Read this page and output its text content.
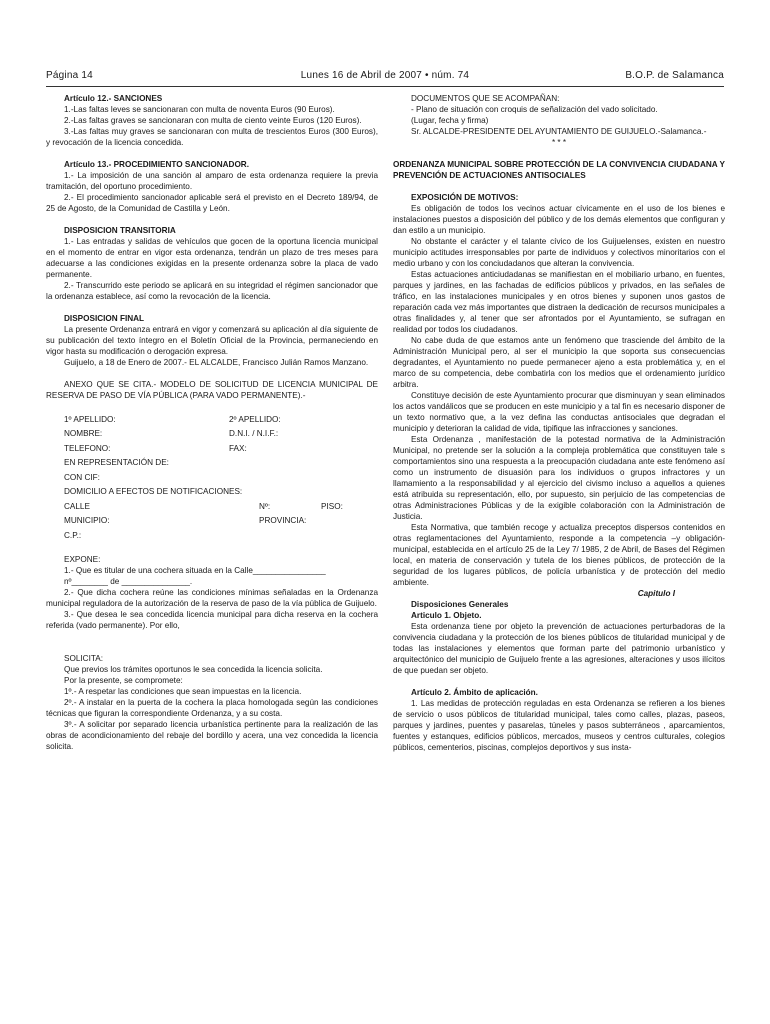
Página 14	Lunes 16 de Abril de 2007 • núm. 74	B.O.P. de Salamanca

Artículo 12.- SANCIONES

1.-Las faltas leves se sancionaran con multa de noventa Euros (90 Euros).

2.-Las faltas graves se sancionaran con multa de ciento veinte Euros (120 Euros).

3.-Las faltas muy graves se sancionaran con multa de trescientos Euros (300 Euros), y revocación de la licencia concedida.

Artículo 13.- PROCEDIMIENTO SANCIONADOR.

1.- La imposición de una sanción al amparo de esta ordenanza requiere la previa tramitación, del oportuno procedimiento.

2.- El procedimiento sancionador aplicable será el previsto en el Decreto 189/94, de 25 de Agosto, de la Comunidad de Castilla y León.

DISPOSICION TRANSITORIA

1.- Las entradas y salidas de vehículos que gocen de la oportuna licencia municipal en el momento de entrar en vigor esta ordenanza, tendrán un plazo de tres meses para adecuarse a las condiciones exigidas en la presente ordenanza sobre la placa de vado permanente.

2.- Transcurrido este periodo se aplicará en su integridad el régimen sancionador que la ordenanza establece, así como la revocación de la licencia.

DISPOSICION FINAL

La presente Ordenanza entrará en vigor y comenzará su aplicación al día siguiente de su publicación del texto íntegro en el Boletín Oficial de la Provincia, permaneciendo en vigor hasta su modificación o derogación expresa.

Guijuelo, a 18 de Enero de 2007.- EL ALCALDE, Francisco Julián Ramos Manzano.

ANEXO QUE SE CITA.- MODELO DE SOLICITUD DE LICENCIA MUNICIPAL DE RESERVA DE PASO DE VÍA PÚBLICA (PARA VADO PERMANENTE).-

1º APELLIDO:	2º APELLIDO:
NOMBRE:	D.N.I. / N.I.F.:
TELEFONO:	FAX:
EN REPRESENTACIÓN DE:
CON CIF:
DOMICILIO A EFECTOS DE NOTIFICACIONES:
CALLE	Nº:	PISO:
MUNICIPIO:	PROVINCIA:
C.P.:

EXPONE:

1.- Que es titular de una cochera situada en la Calle________________

nº________ de _______________.

2.- Que dicha cochera reúne las condiciones mínimas señaladas en la Ordenanza municipal reguladora de la autorización de la reserva de paso de la vía pública de Guijuelo.

3.- Que desea le sea concedida licencia municipal para dicha reserva en la cochera referida (vado permanente). Por ello,

SOLICITA:

Que previos los trámites oportunos le sea concedida la licencia solicita.

Por la presente, se compromete:

1º.- A respetar las condiciones que sean impuestas en la licencia.

2º.- A instalar en la puerta de la cochera la placa homologada según las condiciones técnicas que figuran la correspondiente Ordenanza, y a su costa.

3º.- A solicitar por separado licencia urbanística pertinente para la realización de las obras de acondicionamiento del rebaje del bordillo y acera, una vez concedida la licencia solicita.

DOCUMENTOS QUE SE ACOMPAÑAN:

- Plano de situación con croquis de señalización del vado solicitado.

(Lugar, fecha y firma)

Sr. ALCALDE-PRESIDENTE DEL AYUNTAMIENTO DE GUIJUELO.-Salamanca.-

* * *

ORDENANZA MUNICIPAL SOBRE PROTECCIÓN DE LA CONVIVENCIA CIUDADANA Y PREVENCIÓN DE ACTUACIONES ANTISOCIALES

EXPOSICIÓN DE MOTIVOS:

Es obligación de todos los vecinos actuar cívicamente en el uso de los bienes e instalaciones puestos a disposición del público y de los demás elementos que configuran y dan estilo a un municipio.

No obstante el carácter y el talante cívico de los Guijuelenses, existen en nuestro municipio actitudes irresponsables por parte de individuos y colectivos minoritarios con el medio urbano y con los conciudadanos que alteran la convivencia.

Estas actuaciones anticiudadanas se manifiestan en el mobiliario urbano, en fuentes, parques y jardines, en las fachadas de edificios públicos y privados, en las señales de tráfico, en las instalaciones municipales y en otros bienes y suponen unos gastos de reparación cada vez más importantes que distraen la dedicación de recursos municipales a otras finalidades y, al tener que ser afrontados por el Ayuntamiento, se sufragan en realidad por todos los ciudadanos.

No cabe duda de que estamos ante un fenómeno que trasciende del ámbito de la Administración Municipal pero, al ser el municipio la que soporta sus consecuencias degradantes, el Ayuntamiento no puede permanecer ajeno a esta problemática y, en el marco de su competencia, debe combatirla con los medios que el ordenamiento jurídico arbitra.

Constituye decisión de este Ayuntamiento procurar que disminuyan y sean eliminados los actos vandálicos que se producen en este municipio y a tal fin es necesario disponer de un texto normativo que, a la vez defina las conductas antisociales que degradan el municipio y deterioran la calidad de vida, tipifique las infracciones y sanciones.

Esta Ordenanza , manifestación de la potestad normativa de la Administración Municipal, no pretende ser la solución a la compleja problemática que constituyen tale s comportamientos sino una respuesta a la preocupación ciudadana ante este fenómeno así como un instrumento de disuasión para los individuos o grupos infractores y un llamamiento a la responsabilidad y al ejercicio del civismo incluso a aquellos a quienes está atribuida su representación, ello, por supuesto, sin perjuicio de las competencias de otras Administraciones Públicas y de la exigible colaboración con la Administración de Justicia.

Esta Normativa, que también recoge y actualiza preceptos dispersos contenidos en otras reglamentaciones del Ayuntamiento, responde a la competencia –y obligación- municipal, establecida en el artículo 25 de la Ley 7/ 1985, 2 de Abril, de Bases del Régimen local, en materia de conservación y tutela de los bienes públicos, de protección de la seguridad de los lugares públicos, de policía urbanística y de protección del medio ambiente.

Capitulo I

Disposiciones Generales

Articulo 1. Objeto.

Esta ordenanza tiene por objeto la prevención de actuaciones perturbadoras de la convivencia ciudadana y la protección de los bienes públicos de titularidad municipal y de todas las instalaciones y elementos que forman parte del patrimonio urbanístico y arquitectónico del municipio de Guijuelo frente a las agresiones, alteraciones y usos ilícitos de que puedan ser objeto.

Artículo 2. Ámbito de aplicación.

1. Las medidas de protección reguladas en esta Ordenanza se refieren a los bienes de servicio o usos públicos de titularidad municipal, tales como calles, plazas, paseos, parques y jardines, puentes y pasarelas, túneles y pasos subterráneos , aparcamientos, fuentes y estanques, edificios públicos, mercados, museos y centros culturales, colegios públicos, cementerios, piscinas, complejos deportivos y sus insta-
